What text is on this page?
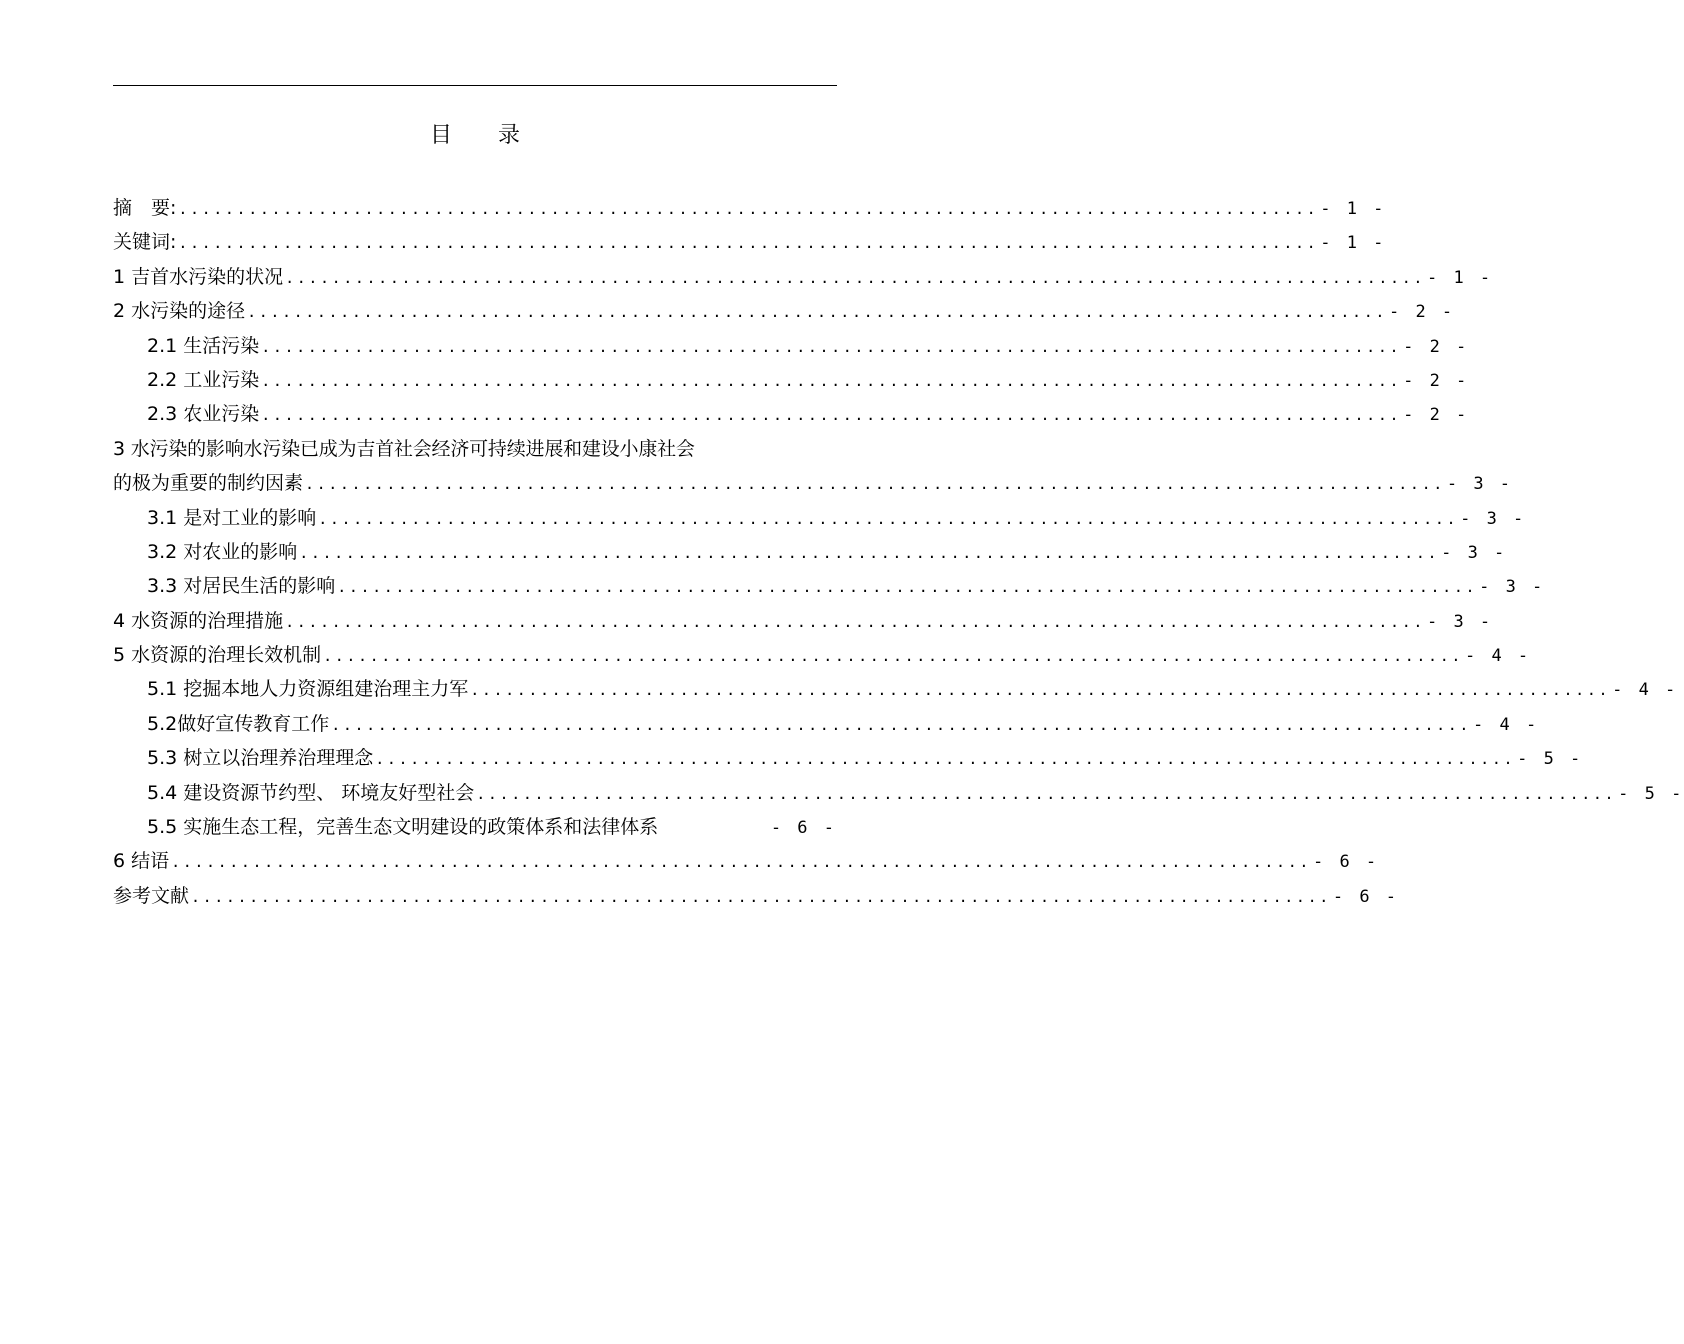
目 录
摘　要: .................................................................................................. - 1 -
关键词: .................................................................................................. - 1 -
1 吉首水污染的状况 .................................................................................................. - 1 -
2 水污染的途径 .................................................................................................. - 2 -
2.1 生活污染 .................................................................................................. - 2 -
2.2 工业污染 .................................................................................................. - 2 -
2.3 农业污染 .................................................................................................. - 2 -
3 水污染的影响水污染已成为吉首社会经济可持续进展和建设小康社会
的极为重要的制约因素 .................................................................................................. - 3 -
3.1 是对工业的影响 .................................................................................................. - 3 -
3.2 对农业的影响 .................................................................................................. - 3 -
3.3 对居民生活的影响 .................................................................................................. - 3 -
4 水资源的治理措施 .................................................................................................. - 3 -
5 水资源的治理长效机制 .................................................................................................. - 4 -
5.1 挖掘本地人力资源组建治理主力军 .................................................................................................. - 4 -
5.2做好宣传教育工作 .................................................................................................. - 4 -
5.3 树立以治理养治理理念 .................................................................................................. - 5 -
5.4 建设资源节约型、 环境友好型社会 .................................................................................................. - 5 -
5.5 实施生态工程，完善生态文明建设的政策体系和法律体系	- 6 -
6 结语 .................................................................................................. - 6 -
参考文献 .................................................................................................. - 6 -
